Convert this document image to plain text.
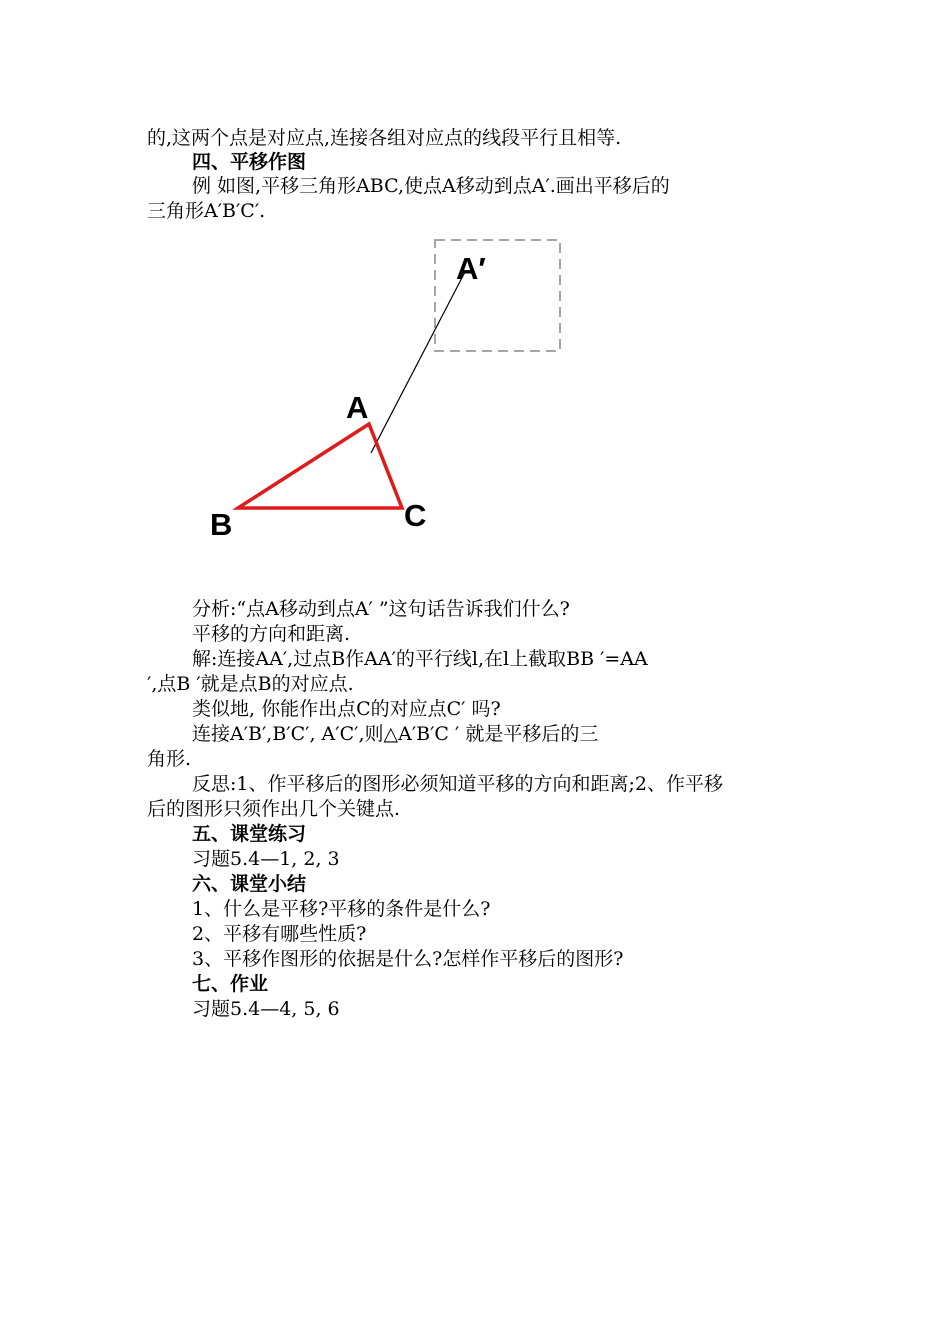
的,这两个点是对应点,连接各组对应点的线段平行且相等.
四、平移作图
例 如图,平移三角形ABC,使点A移动到点A′.画出平移后的
三角形A′B′C′.
A′
A
B	C
分析:“点A移动到点A′ ”这句话告诉我们什么?
平移的方向和距离.
解:连接AA′,过点B作AA′的平行线l,在l上截取BB ′=AA
′,点B ′就是点B的对应点.
类似地, 你能作出点C的对应点C′ 吗?
连接A′B′,B′C′, A′C′,则△A′B′C ′ 就是平移后的三
角形.
反思:1、作平移后的图形必须知道平移的方向和距离;2、作平移
后的图形只须作出几个关键点.
五、课堂练习
习题5.4—1, 2, 3
六、课堂小结
1、什么是平移?平移的条件是什么?
2、平移有哪些性质?
3、平移作图形的依据是什么?怎样作平移后的图形?
七、作业
习题5.4—4, 5, 6
